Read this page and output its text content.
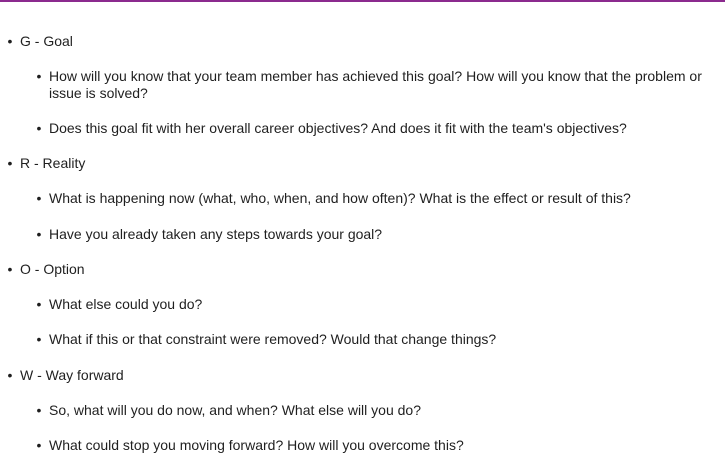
• G - Goal
• How will you know that your team member has achieved this goal? How will you know that the problem or issue is solved?
• Does this goal fit with her overall career objectives? And does it fit with the team's objectives?
• R - Reality
• What is happening now (what, who, when, and how often)? What is the effect or result of this?
• Have you already taken any steps towards your goal?
• O - Option
• What else could you do?
• What if this or that constraint were removed? Would that change things?
• W - Way forward
• So, what will you do now, and when? What else will you do?
• What could stop you moving forward? How will you overcome this?
